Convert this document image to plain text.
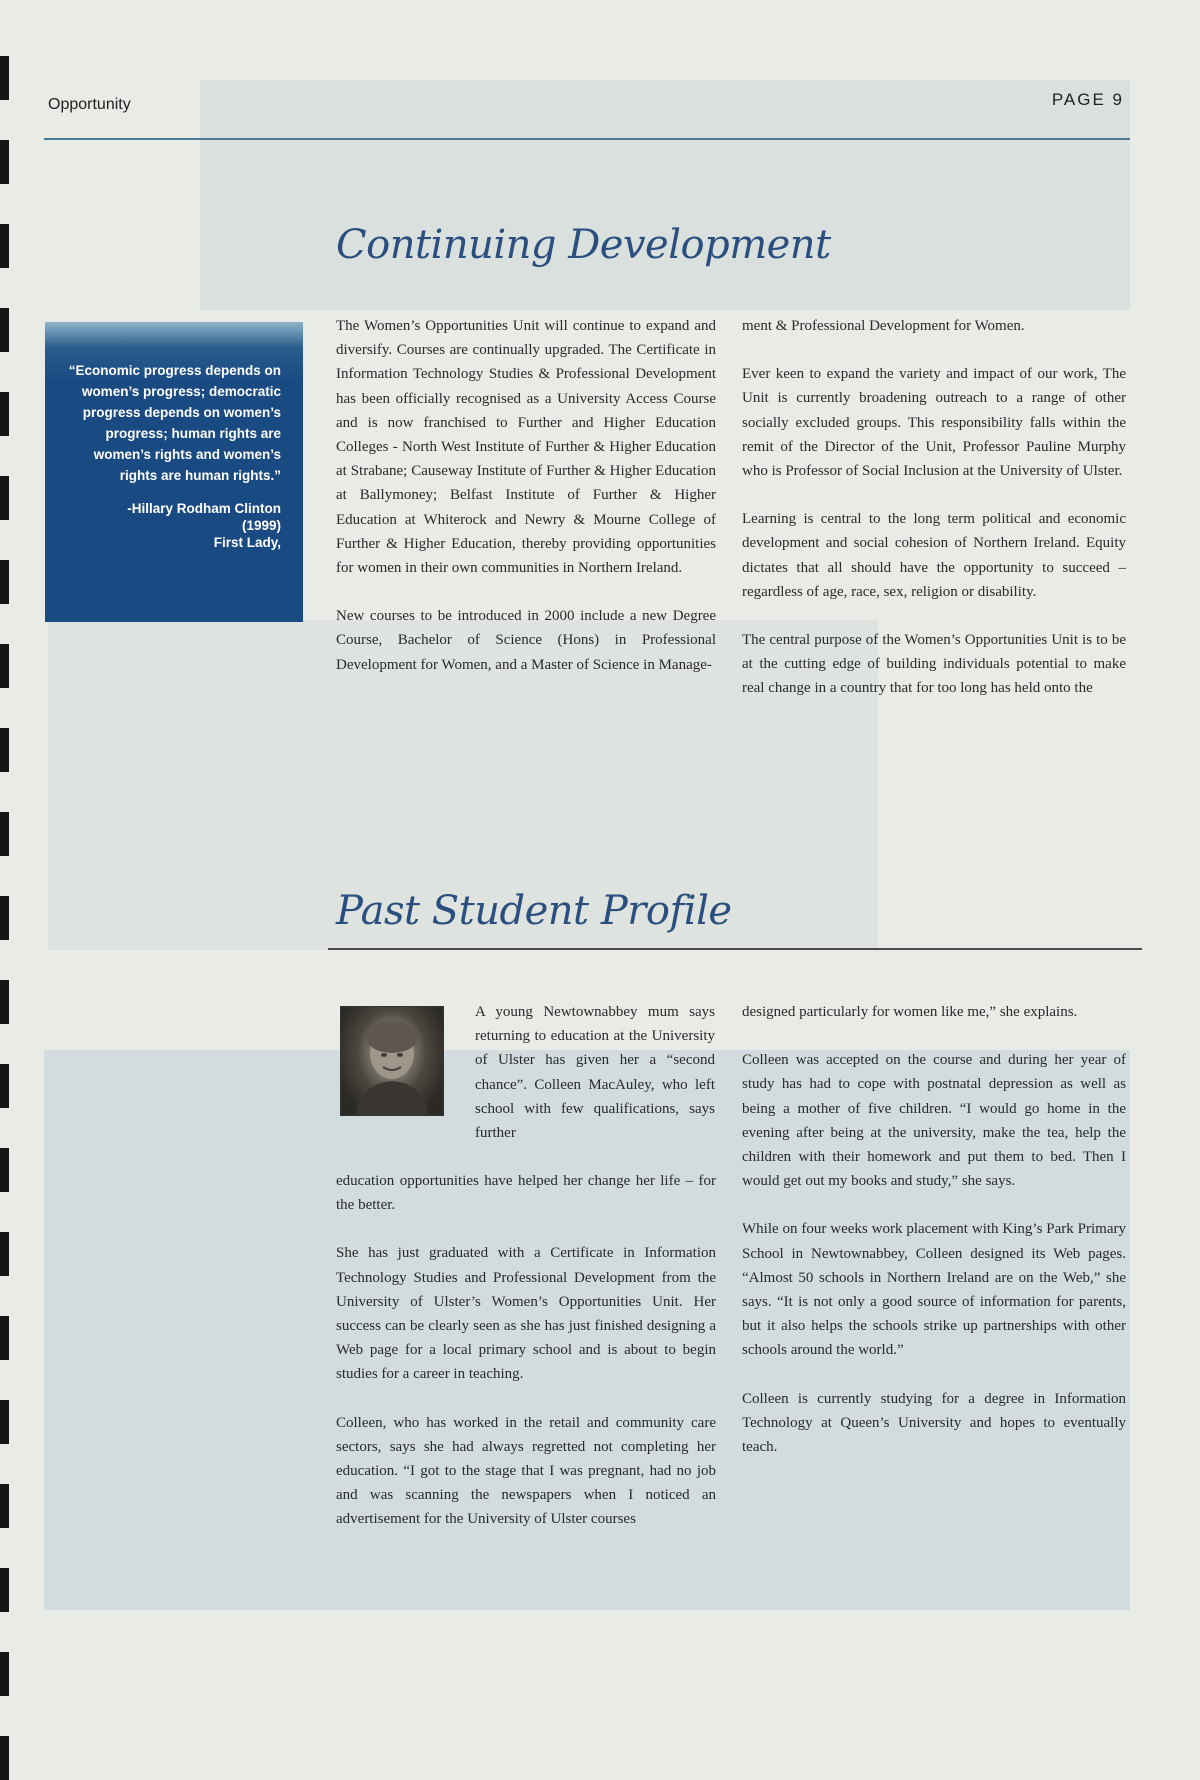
Opportunity	PAGE 9
Continuing Development
“Economic progress depends on women’s progress; democratic progress depends on women’s progress; human rights are women’s rights and women’s rights are human rights.”
-Hillary Rodham Clinton
(1999)
First Lady,

The Women’s Opportunities Unit will continue to expand and diversify. Courses are continually upgraded. The Certificate in Information Technology Studies & Professional Development has been officially recognised as a University Access Course and is now franchised to Further and Higher Education Colleges - North West Institute of Further & Higher Education at Strabane; Causeway Institute of Further & Higher Education at Ballymoney; Belfast Institute of Further & Higher Education at Whiterock and Newry & Mourne College of Further & Higher Education, thereby providing opportunities for women in their own communities in Northern Ireland.

New courses to be introduced in 2000 include a new Degree Course, Bachelor of Science (Hons) in Professional Development for Women, and a Master of Science in Manage-

ment & Professional Development for Women.

Ever keen to expand the variety and impact of our work, The Unit is currently broadening outreach to a range of other socially excluded groups. This responsibility falls within the remit of the Director of the Unit, Professor Pauline Murphy who is Professor of Social Inclusion at the University of Ulster.

Learning is central to the long term political and economic development and social cohesion of Northern Ireland. Equity dictates that all should have the opportunity to succeed – regardless of age, race, sex, religion or disability.

The central purpose of the Women’s Opportunities Unit is to be at the cutting edge of building individuals potential to make real change in a country that for too long has held onto the

Past Student Profile
A young Newtownabbey mum says returning to education at the University of Ulster has given her a “second chance”. Colleen MacAuley, who left school with few qualifications, says further

education opportunities have helped her change her life – for the better.

She has just graduated with a Certificate in Information Technology Studies and Professional Development from the University of Ulster’s Women’s Opportunities Unit. Her success can be clearly seen as she has just finished designing a Web page for a local primary school and is about to begin studies for a career in teaching.

Colleen, who has worked in the retail and community care sectors, says she had always regretted not completing her education. “I got to the stage that I was pregnant, had no job and was scanning the newspapers when I noticed an advertisement for the University of Ulster courses

designed particularly for women like me,” she explains.

Colleen was accepted on the course and during her year of study has had to cope with postnatal depression as well as being a mother of five children. “I would go home in the evening after being at the university, make the tea, help the children with their homework and put them to bed. Then I would get out my books and study,” she says.

While on four weeks work placement with King’s Park Primary School in Newtownabbey, Colleen designed its Web pages. “Almost 50 schools in Northern Ireland are on the Web,” she says. “It is not only a good source of information for parents, but it also helps the schools strike up partnerships with other schools around the world.”

Colleen is currently studying for a degree in Information Technology at Queen’s University and hopes to eventually teach.
